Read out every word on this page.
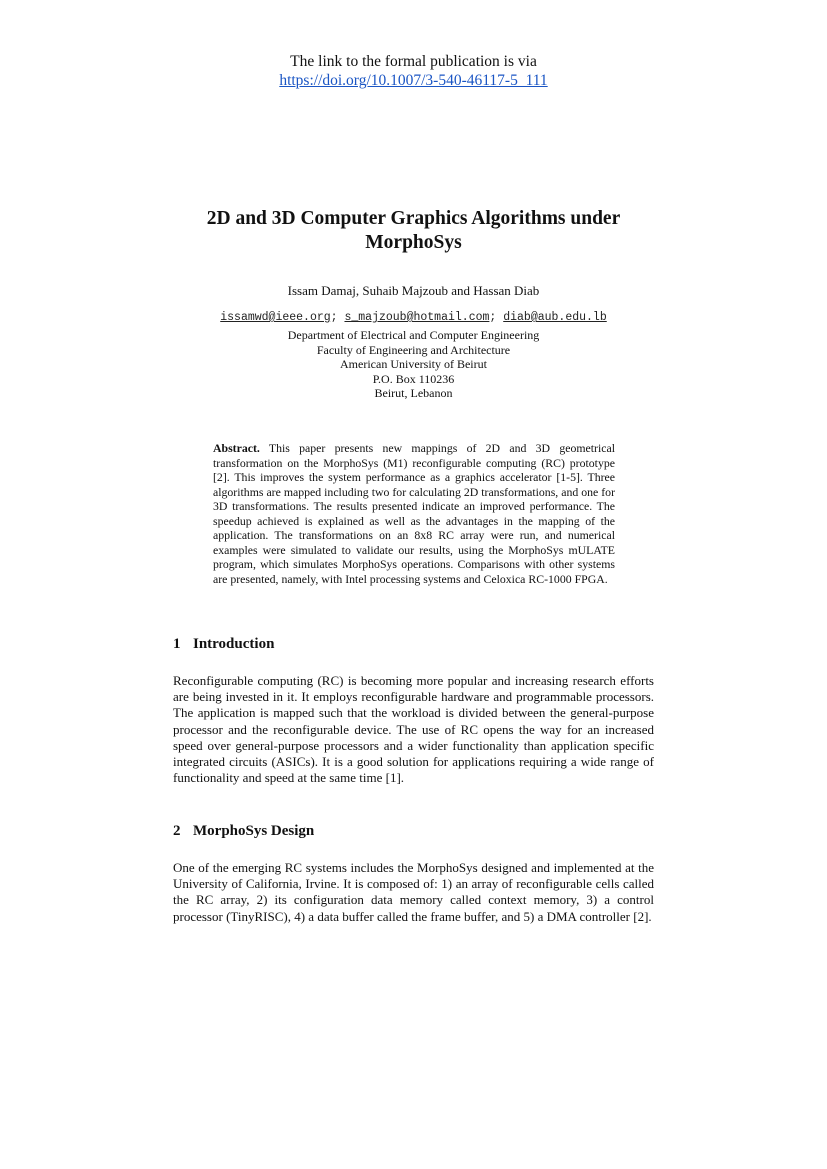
The link to the formal publication is via
https://doi.org/10.1007/3-540-46117-5_111
2D and 3D Computer Graphics Algorithms under
MorphoSys
Issam Damaj, Suhaib Majzoub and Hassan Diab
issamwd@ieee.org; s_majzoub@hotmail.com; diab@aub.edu.lb
Department of Electrical and Computer Engineering
Faculty of Engineering and Architecture
American University of Beirut
P.O. Box 110236
Beirut, Lebanon
Abstract. This paper presents new mappings of 2D and 3D geometrical transformation on the MorphoSys (M1) reconfigurable computing (RC) prototype [2]. This improves the system performance as a graphics accelerator [1-5]. Three algorithms are mapped including two for calculating 2D transformations, and one for 3D transformations. The results presented indicate an improved performance. The speedup achieved is explained as well as the advantages in the mapping of the application. The transformations on an 8x8 RC array were run, and numerical examples were simulated to validate our results, using the MorphoSys mULATE program, which simulates MorphoSys operations. Comparisons with other systems are presented, namely, with Intel processing systems and Celoxica RC-1000 FPGA.
1 Introduction

Reconfigurable computing (RC) is becoming more popular and increasing research efforts are being invested in it. It employs reconfigurable hardware and programmable processors. The application is mapped such that the workload is divided between the general-purpose processor and the reconfigurable device. The use of RC opens the way for an increased speed over general-purpose processors and a wider functionality than application specific integrated circuits (ASICs). It is a good solution for applications requiring a wide range of functionality and speed at the same time [1].

2 MorphoSys Design

One of the emerging RC systems includes the MorphoSys designed and implemented at the University of California, Irvine. It is composed of: 1) an array of reconfigurable cells called the RC array, 2) its configuration data memory called context memory, 3) a control processor (TinyRISC), 4) a data buffer called the frame buffer, and 5) a DMA controller [2].
